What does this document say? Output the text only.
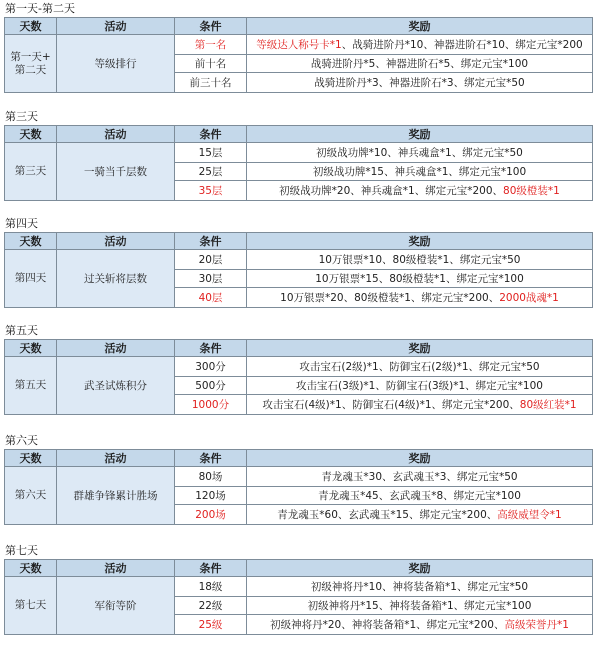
第一天-第二天
天数	活动	条件	奖励
第一天+
第二天	等级排行	第一名	等级达人称号卡*1、战骑进阶丹*10、神器进阶石*10、绑定元宝*200
		前十名	战骑进阶丹*5、神器进阶石*5、绑定元宝*100
		前三十名	战骑进阶丹*3、神器进阶石*3、绑定元宝*50
第三天
天数	活动	条件	奖励
第三天	一骑当千层数	15层	初级战功牌*10、神兵魂盒*1、绑定元宝*50
		25层	初级战功牌*15、神兵魂盒*1、绑定元宝*100
		35层	初级战功牌*20、神兵魂盒*1、绑定元宝*200、80级橙装*1
第四天
天数	活动	条件	奖励
第四天	过关斩将层数	20层	10万银票*10、80级橙装*1、绑定元宝*50
		30层	10万银票*15、80级橙装*1、绑定元宝*100
		40层	10万银票*20、80级橙装*1、绑定元宝*200、2000战魂*1
第五天
天数	活动	条件	奖励
第五天	武圣试炼积分	300分	攻击宝石(2级)*1、防御宝石(2级)*1、绑定元宝*50
		500分	攻击宝石(3级)*1、防御宝石(3级)*1、绑定元宝*100
		1000分	攻击宝石(4级)*1、防御宝石(4级)*1、绑定元宝*200、80级红装*1
第六天
天数	活动	条件	奖励
第六天	群雄争锋累计胜场	80场	青龙魂玉*30、玄武魂玉*3、绑定元宝*50
		120场	青龙魂玉*45、玄武魂玉*8、绑定元宝*100
		200场	青龙魂玉*60、玄武魂玉*15、绑定元宝*200、高级威望令*1
第七天
天数	活动	条件	奖励
第七天	军衔等阶	18级	初级神将丹*10、神将装备箱*1、绑定元宝*50
		22级	初级神将丹*15、神将装备箱*1、绑定元宝*100
		25级	初级神将丹*20、神将装备箱*1、绑定元宝*200、高级荣誉丹*1
